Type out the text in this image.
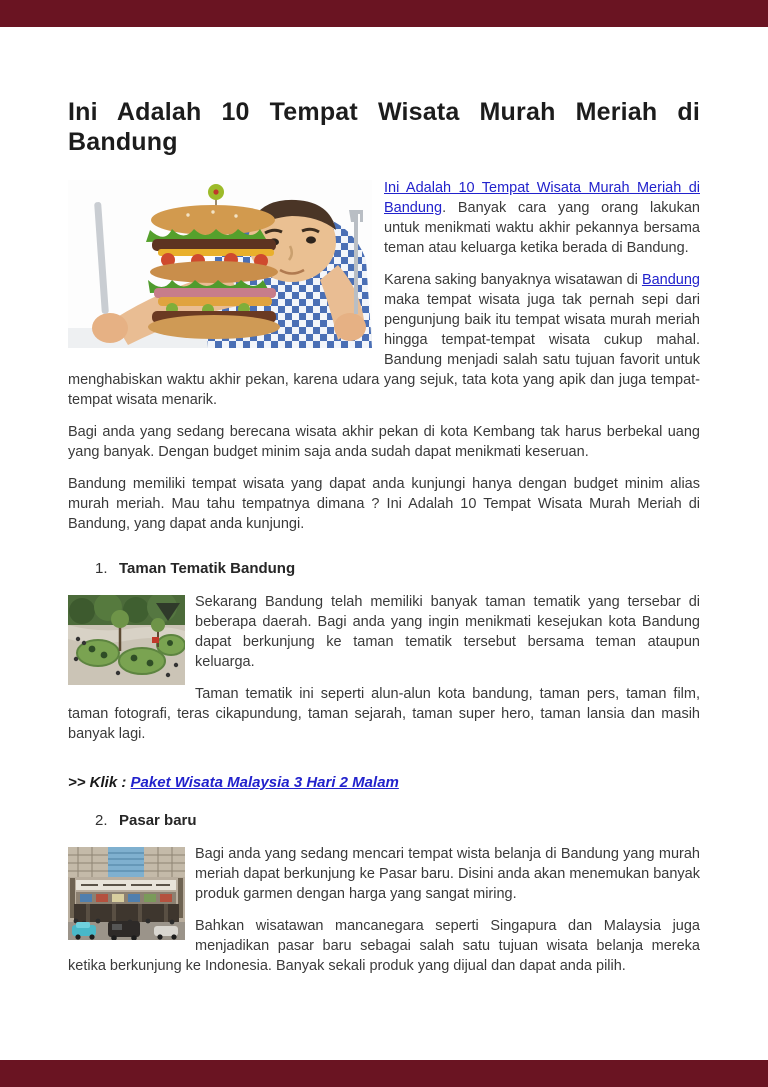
Ini Adalah 10 Tempat Wisata Murah Meriah di Bandung

Ini Adalah 10 Tempat Wisata Murah Meriah di Bandung. Banyak cara yang orang lakukan untuk menikmati waktu akhir pekannya bersama teman atau keluarga ketika berada di Bandung.

Karena saking banyaknya wisatawan di Bandung maka tempat wisata juga tak pernah sepi dari pengunjung baik itu tempat wisata murah meriah hingga tempat-tempat wisata cukup mahal. Bandung menjadi salah satu tujuan favorit untuk menghabiskan waktu akhir pekan, karena udara yang sejuk, tata kota yang apik dan juga tempat-tempat wisata menarik.

Bagi anda yang sedang berecana wisata akhir pekan di kota Kembang tak harus berbekal uang yang banyak. Dengan budget minim saja anda sudah dapat menikmati keseruan.

Bandung memiliki tempat wisata yang dapat anda kunjungi hanya dengan budget minim alias murah meriah. Mau tahu tempatnya dimana ? Ini Adalah 10 Tempat Wisata Murah Meriah di Bandung, yang dapat anda kunjungi.

1. Taman Tematik Bandung

Sekarang Bandung telah memiliki banyak taman tematik yang tersebar di beberapa daerah. Bagi anda yang ingin menikmati kesejukan kota Bandung dapat berkunjung ke taman tematik tersebut bersama teman ataupun keluarga.

Taman tematik ini seperti alun-alun kota bandung, taman pers, taman film, taman fotografi, teras cikapundung, taman sejarah, taman super hero, taman lansia dan masih banyak lagi.

>> Klik : Paket Wisata Malaysia 3 Hari 2 Malam

2. Pasar baru

Bagi anda yang sedang mencari tempat wista belanja di Bandung yang murah meriah dapat berkunjung ke Pasar baru. Disini anda akan menemukan banyak produk garmen dengan harga yang sangat miring.

Bahkan wisatawan mancanegara seperti Singapura dan Malaysia juga menjadikan pasar baru sebagai salah satu tujuan wisata belanja mereka ketika berkunjung ke Indonesia. Banyak sekali produk yang dijual dan dapat anda pilih.
